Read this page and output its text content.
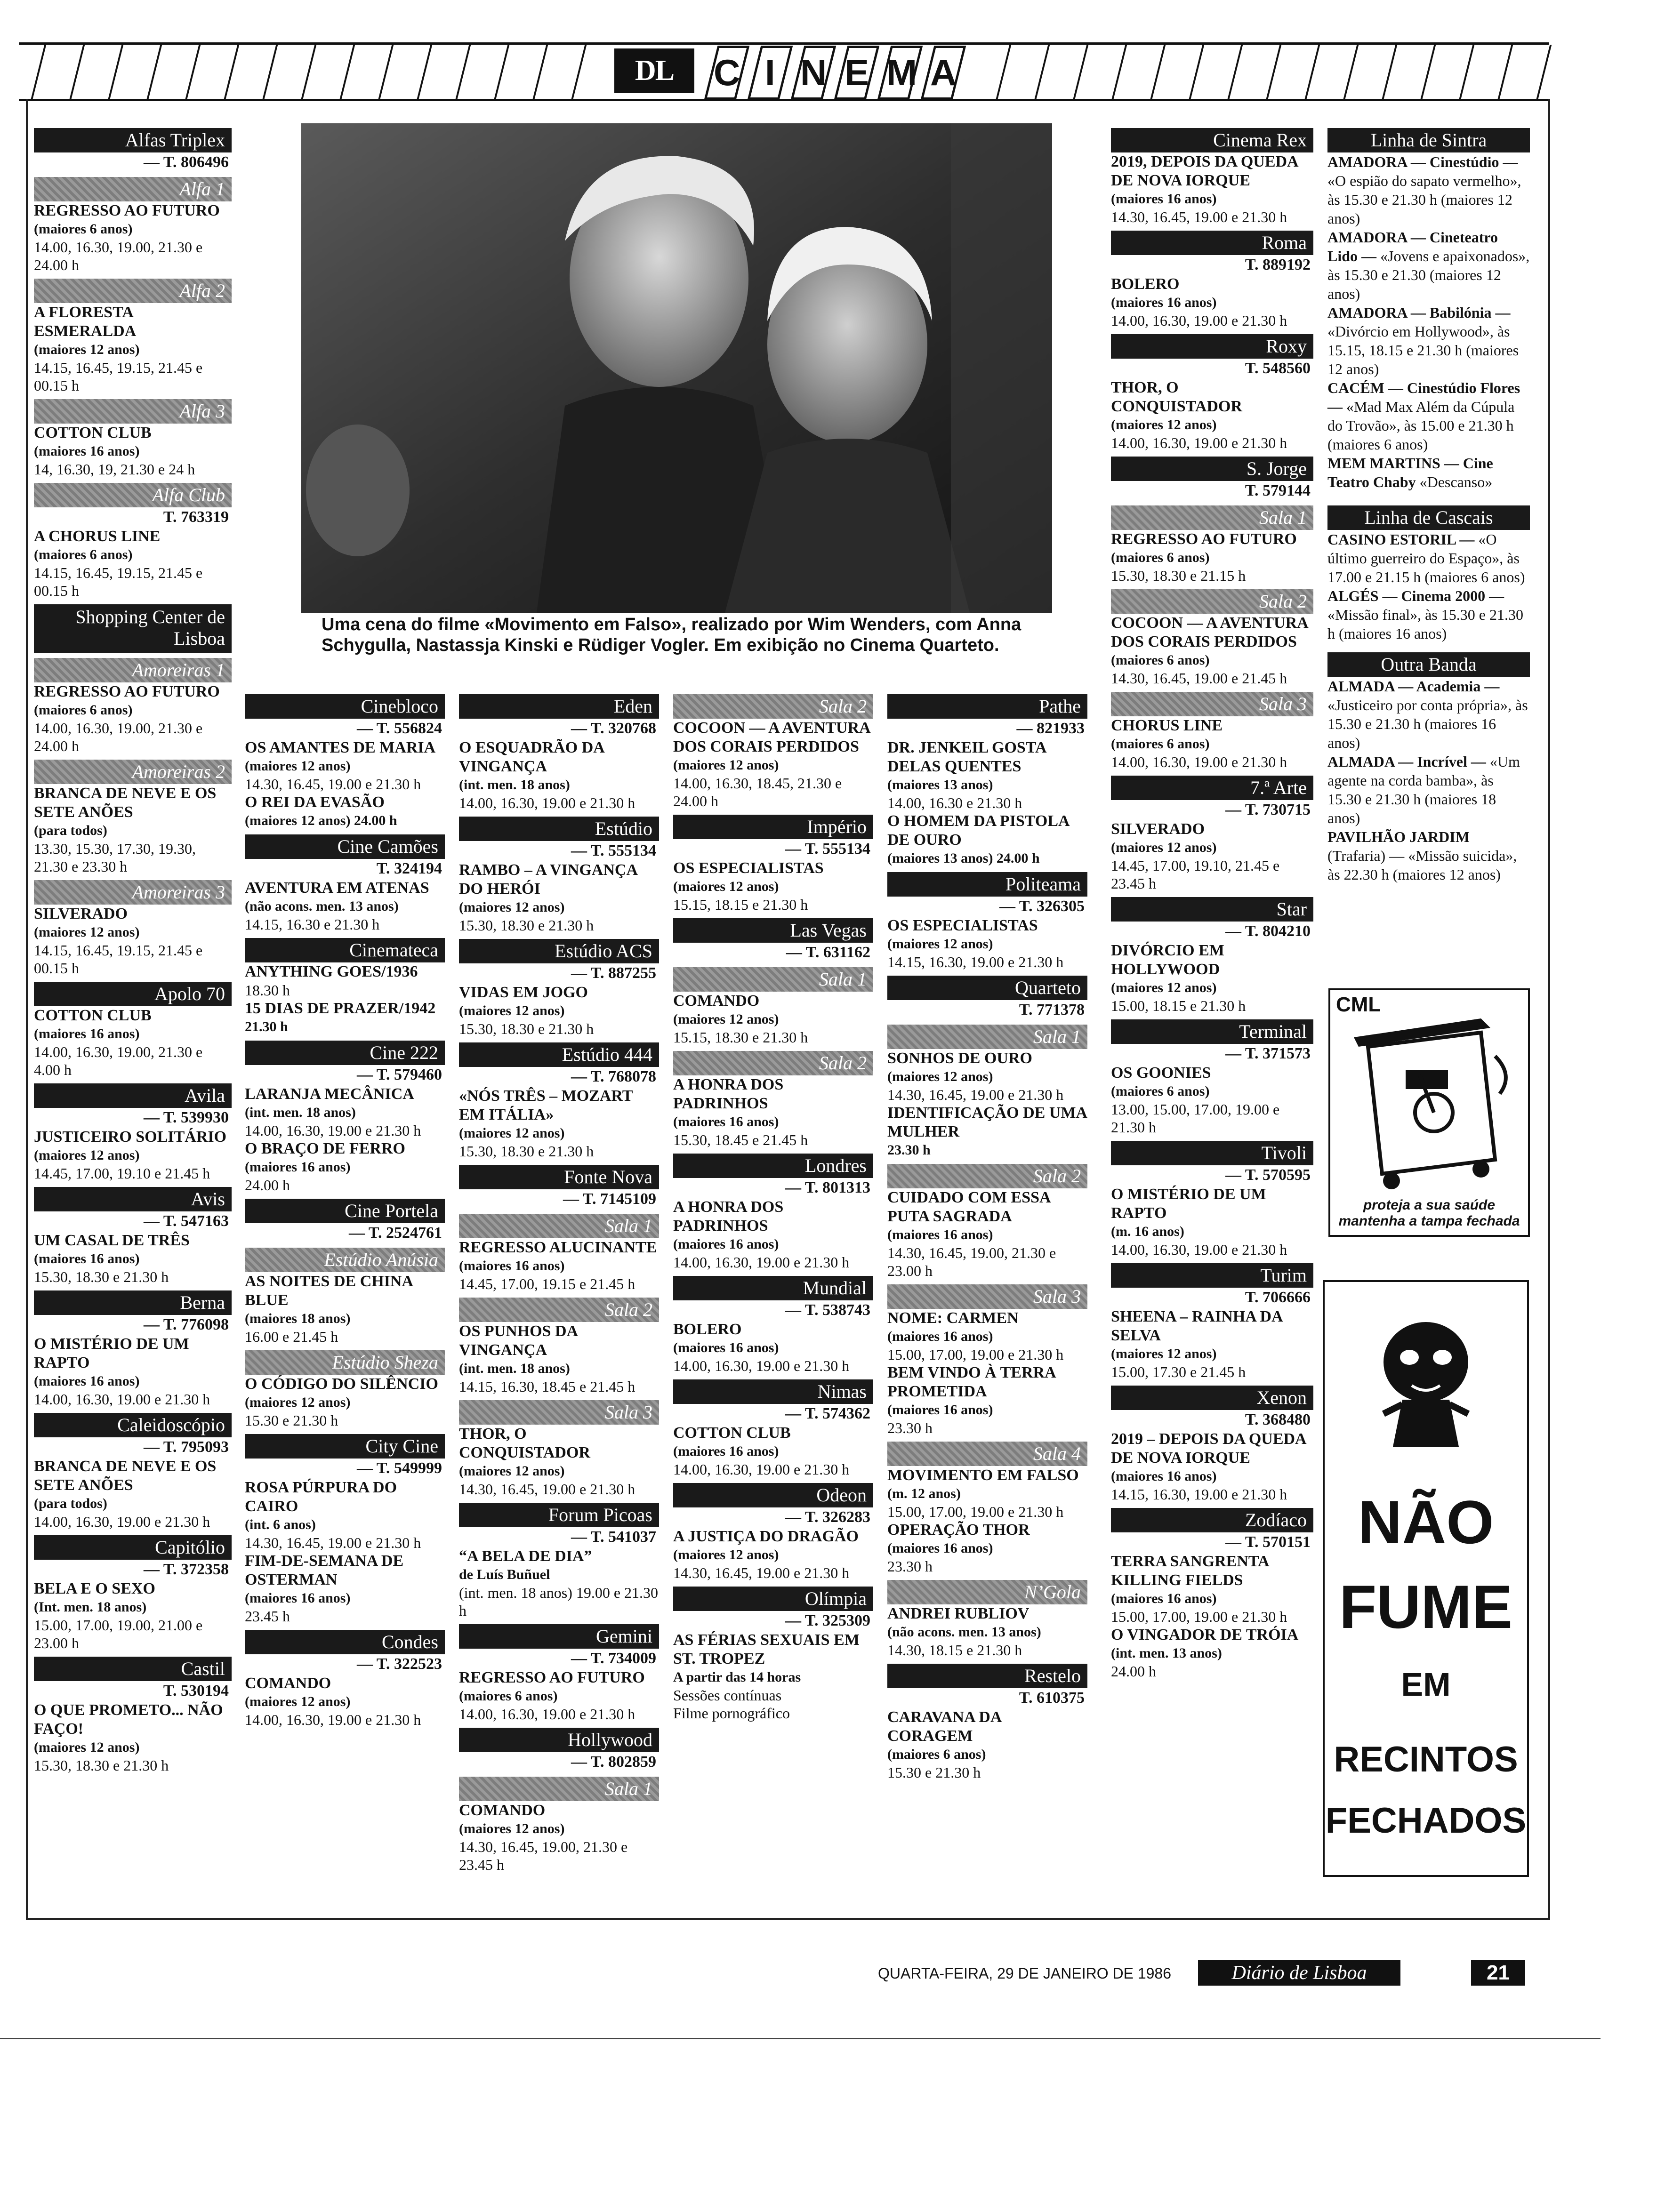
DL	C I N E M A
Alfas Triplex
— T. 806496
Alfa 1
REGRESSO AO FUTURO
(maiores 6 anos)
14.00, 16.30, 19.00, 21.30 e 24.00 h
Alfa 2
A FLORESTA ESMERALDA
(maiores 12 anos)
14.15, 16.45, 19.15, 21.45 e 00.15 h
Alfa 3
COTTON CLUB
(maiores 16 anos)
14, 16.30, 19, 21.30 e 24 h
Alfa Club
T. 763319
A CHORUS LINE
(maiores 6 anos)
14.15, 16.45, 19.15, 21.45 e 00.15 h
Shopping Center de Lisboa
Amoreiras 1
REGRESSO AO FUTURO
(maiores 6 anos)
14.00, 16.30, 19.00, 21.30 e 24.00 h
Amoreiras 2
BRANCA DE NEVE E OS SETE ANÕES
(para todos)
13.30, 15.30, 17.30, 19.30, 21.30 e 23.30 h
Amoreiras 3
SILVERADO
(maiores 12 anos)
14.15, 16.45, 19.15, 21.45 e 00.15 h
Apolo 70
COTTON CLUB
(maiores 16 anos)
14.00, 16.30, 19.00, 21.30 e 4.00 h
Avila
— T. 539930
JUSTICEIRO SOLITÁRIO
(maiores 12 anos)
14.45, 17.00, 19.10 e 21.45 h
Avis
— T. 547163
UM CASAL DE TRÊS
(maiores 16 anos)
15.30, 18.30 e 21.30 h
Berna
— T. 776098
O MISTÉRIO DE UM RAPTO
(maiores 16 anos)
14.00, 16.30, 19.00 e 21.30 h
Caleidoscópio
— T. 795093
BRANCA DE NEVE E OS SETE ANÕES
(para todos)
14.00, 16.30, 19.00 e 21.30 h
Capitólio
— T. 372358
BELA E O SEXO
(Int. men. 18 anos)
15.00, 17.00, 19.00, 21.00 e 23.00 h
Castil
T. 530194
O QUE PROMETO... NÃO FAÇO!
(maiores 12 anos)
15.30, 18.30 e 21.30 h
Cinebloco
— T. 556824
OS AMANTES DE MARIA
(maiores 12 anos)
14.30, 16.45, 19.00 e 21.30 h
O REI DA EVASÃO
(maiores 12 anos) 24.00 h
Cine Camões
T. 324194
AVENTURA EM ATENAS
(não acons. men. 13 anos)
14.15, 16.30 e 21.30 h
Cinemateca
ANYTHING GOES/1936
18.30 h
15 DIAS DE PRAZER/1942
21.30 h
Cine 222
— T. 579460
LARANJA MECÂNICA
(int. men. 18 anos)
14.00, 16.30, 19.00 e 21.30 h
O BRAÇO DE FERRO
(maiores 16 anos)
24.00 h
Cine Portela
— T. 2524761
Estúdio Anúsia
AS NOITES DE CHINA BLUE
(maiores 18 anos)
16.00 e 21.45 h
Estúdio Sheza
O CÓDIGO DO SILÊNCIO
(maiores 12 anos)
15.30 e 21.30 h
City Cine
— T. 549999
ROSA PÚRPURA DO CAIRO
(int. 6 anos)
14.30, 16.45, 19.00 e 21.30 h
FIM-DE-SEMANA DE OSTERMAN
(maiores 16 anos)
23.45 h
Condes
— T. 322523
COMANDO
(maiores 12 anos)
14.00, 16.30, 19.00 e 21.30 h
Eden
— T. 320768
O ESQUADRÃO DA VINGANÇA
(int. men. 18 anos)
14.00, 16.30, 19.00 e 21.30 h
Estúdio
— T. 555134
RAMBO – A VINGANÇA DO HERÓI
(maiores 12 anos)
15.30, 18.30 e 21.30 h
Estúdio ACS
— T. 887255
VIDAS EM JOGO
(maiores 12 anos)
15.30, 18.30 e 21.30 h
Estúdio 444
— T. 768078
«NÓS TRÊS – MOZART EM ITÁLIA»
(maiores 12 anos)
15.30, 18.30 e 21.30 h
Fonte Nova
— T. 7145109
Sala 1
REGRESSO ALUCINANTE
(maiores 16 anos)
14.45, 17.00, 19.15 e 21.45 h
Sala 2
OS PUNHOS DA VINGANÇA
(int. men. 18 anos)
14.15, 16.30, 18.45 e 21.45 h
Sala 3
THOR, O CONQUISTADOR
(maiores 12 anos)
14.30, 16.45, 19.00 e 21.30 h
Forum Picoas
— T. 541037
“A BELA DE DIA”
de Luís Buñuel
(int. men. 18 anos) 19.00 e 21.30 h
Gemini
— T. 734009
REGRESSO AO FUTURO
(maiores 6 anos)
14.00, 16.30, 19.00 e 21.30 h
Hollywood
— T. 802859
Sala 1
COMANDO
(maiores 12 anos)
14.30, 16.45, 19.00, 21.30 e 23.45 h
Sala 2
COCOON — A AVENTURA DOS CORAIS PERDIDOS
(maiores 12 anos)
14.00, 16.30, 18.45, 21.30 e 24.00 h
Império
— T. 555134
OS ESPECIALISTAS
(maiores 12 anos)
15.15, 18.15 e 21.30 h
Las Vegas
— T. 631162
Sala 1
COMANDO
(maiores 12 anos)
15.15, 18.30 e 21.30 h
Sala 2
A HONRA DOS PADRINHOS
(maiores 16 anos)
15.30, 18.45 e 21.45 h
Londres
— T. 801313
A HONRA DOS PADRINHOS
(maiores 16 anos)
14.00, 16.30, 19.00 e 21.30 h
Mundial
— T. 538743
BOLERO
(maiores 16 anos)
14.00, 16.30, 19.00 e 21.30 h
Nimas
— T. 574362
COTTON CLUB
(maiores 16 anos)
14.00, 16.30, 19.00 e 21.30 h
Odeon
— T. 326283
A JUSTIÇA DO DRAGÃO
(maiores 12 anos)
14.30, 16.45, 19.00 e 21.30 h
Olímpia
— T. 325309
AS FÉRIAS SEXUAIS EM ST. TROPEZ
A partir das 14 horas
Sessões contínuas
Filme pornográfico
Pathe
— 821933
DR. JENKEIL GOSTA DELAS QUENTES
(maiores 13 anos)
14.00, 16.30 e 21.30 h
O HOMEM DA PISTOLA DE OURO
(maiores 13 anos) 24.00 h
Politeama
— T. 326305
OS ESPECIALISTAS
(maiores 12 anos)
14.15, 16.30, 19.00 e 21.30 h
Quarteto
T. 771378
Sala 1
SONHOS DE OURO
(maiores 12 anos)
14.30, 16.45, 19.00 e 21.30 h
IDENTIFICAÇÃO DE UMA MULHER
23.30 h
Sala 2
CUIDADO COM ESSA PUTA SAGRADA
(maiores 16 anos)
14.30, 16.45, 19.00, 21.30 e 23.00 h
Sala 3
NOME: CARMEN
(maiores 16 anos)
15.00, 17.00, 19.00 e 21.30 h
BEM VINDO À TERRA PROMETIDA
(maiores 16 anos)
23.30 h
Sala 4
MOVIMENTO EM FALSO
(m. 12 anos)
15.00, 17.00, 19.00 e 21.30 h
OPERAÇÃO THOR
(maiores 16 anos)
23.30 h
N’Gola
ANDREI RUBLIOV
(não acons. men. 13 anos)
14.30, 18.15 e 21.30 h
Restelo
T. 610375
CARAVANA DA CORAGEM
(maiores 6 anos)
15.30 e 21.30 h
Cinema Rex
2019, DEPOIS DA QUEDA DE NOVA IORQUE
(maiores 16 anos)
14.30, 16.45, 19.00 e 21.30 h
Roma
T. 889192
BOLERO
(maiores 16 anos)
14.00, 16.30, 19.00 e 21.30 h
Roxy
T. 548560
THOR, O CONQUISTADOR
(maiores 12 anos)
14.00, 16.30, 19.00 e 21.30 h
S. Jorge
T. 579144
Sala 1
REGRESSO AO FUTURO
(maiores 6 anos)
15.30, 18.30 e 21.15 h
Sala 2
COCOON — A AVENTURA DOS CORAIS PERDIDOS
(maiores 6 anos)
14.30, 16.45, 19.00 e 21.45 h
Sala 3
CHORUS LINE
(maiores 6 anos)
14.00, 16.30, 19.00 e 21.30 h
7.ª Arte
— T. 730715
SILVERADO
(maiores 12 anos)
14.45, 17.00, 19.10, 21.45 e 23.45 h
Star
— T. 804210
DIVÓRCIO EM HOLLYWOOD
(maiores 12 anos)
15.00, 18.15 e 21.30 h
Terminal
— T. 371573
OS GOONIES
(maiores 6 anos)
13.00, 15.00, 17.00, 19.00 e 21.30 h
Tivoli
— T. 570595
O MISTÉRIO DE UM RAPTO
(m. 16 anos)
14.00, 16.30, 19.00 e 21.30 h
Turim
T. 706666
SHEENA – RAINHA DA SELVA
(maiores 12 anos)
15.00, 17.30 e 21.45 h
Xenon
T. 368480
2019 – DEPOIS DA QUEDA DE NOVA IORQUE
(maiores 16 anos)
14.15, 16.30, 19.00 e 21.30 h
Zodíaco
— T. 570151
TERRA SANGRENTA KILLING FIELDS
(maiores 16 anos)
15.00, 17.00, 19.00 e 21.30 h
O VINGADOR DE TRÓIA
(int. men. 13 anos)
24.00 h
Linha de Sintra
AMADORA — Cinestúdio — «O espião do sapato vermelho», às 15.30 e 21.30 h (maiores 12 anos)
AMADORA — Cineteatro Lido — «Jovens e apaixonados», às 15.30 e 21.30 (maiores 12 anos)
AMADORA — Babilónia — «Divórcio em Hollywood», às 15.15, 18.15 e 21.30 h (maiores 12 anos)
CACÉM — Cinestúdio Flores — «Mad Max Além da Cúpula do Trovão», às 15.00 e 21.30 h (maiores 6 anos)
MEM MARTINS — Cine Teatro Chaby «Descanso»
Linha de Cascais
CASINO ESTORIL — «O último guerreiro do Espaço», às 17.00 e 21.15 h (maiores 6 anos)
ALGÉS — Cinema 2000 — «Missão final», às 15.30 e 21.30 h (maiores 16 anos)
Outra Banda
ALMADA — Academia — «Justiceiro por conta própria», às 15.30 e 21.30 h (maiores 16 anos)
ALMADA — Incrível — «Um agente na corda bamba», às 15.30 e 21.30 h (maiores 18 anos)
PAVILHÃO JARDIM (Trafaria) — «Missão suicida», às 22.30 h (maiores 12 anos)
Uma cena do filme «Movimento em Falso», realizado por Wim Wenders, com Anna Schygulla, Nastassja Kinski e Rüdiger Vogler. Em exibição no Cinema Quarteto.
CML
proteja a sua saúde mantenha a tampa fechada
NÃO
FUME
EM
RECINTOS
FECHADOS
QUARTA-FEIRA, 29 DE JANEIRO DE 1986	Diário de Lisboa	21
